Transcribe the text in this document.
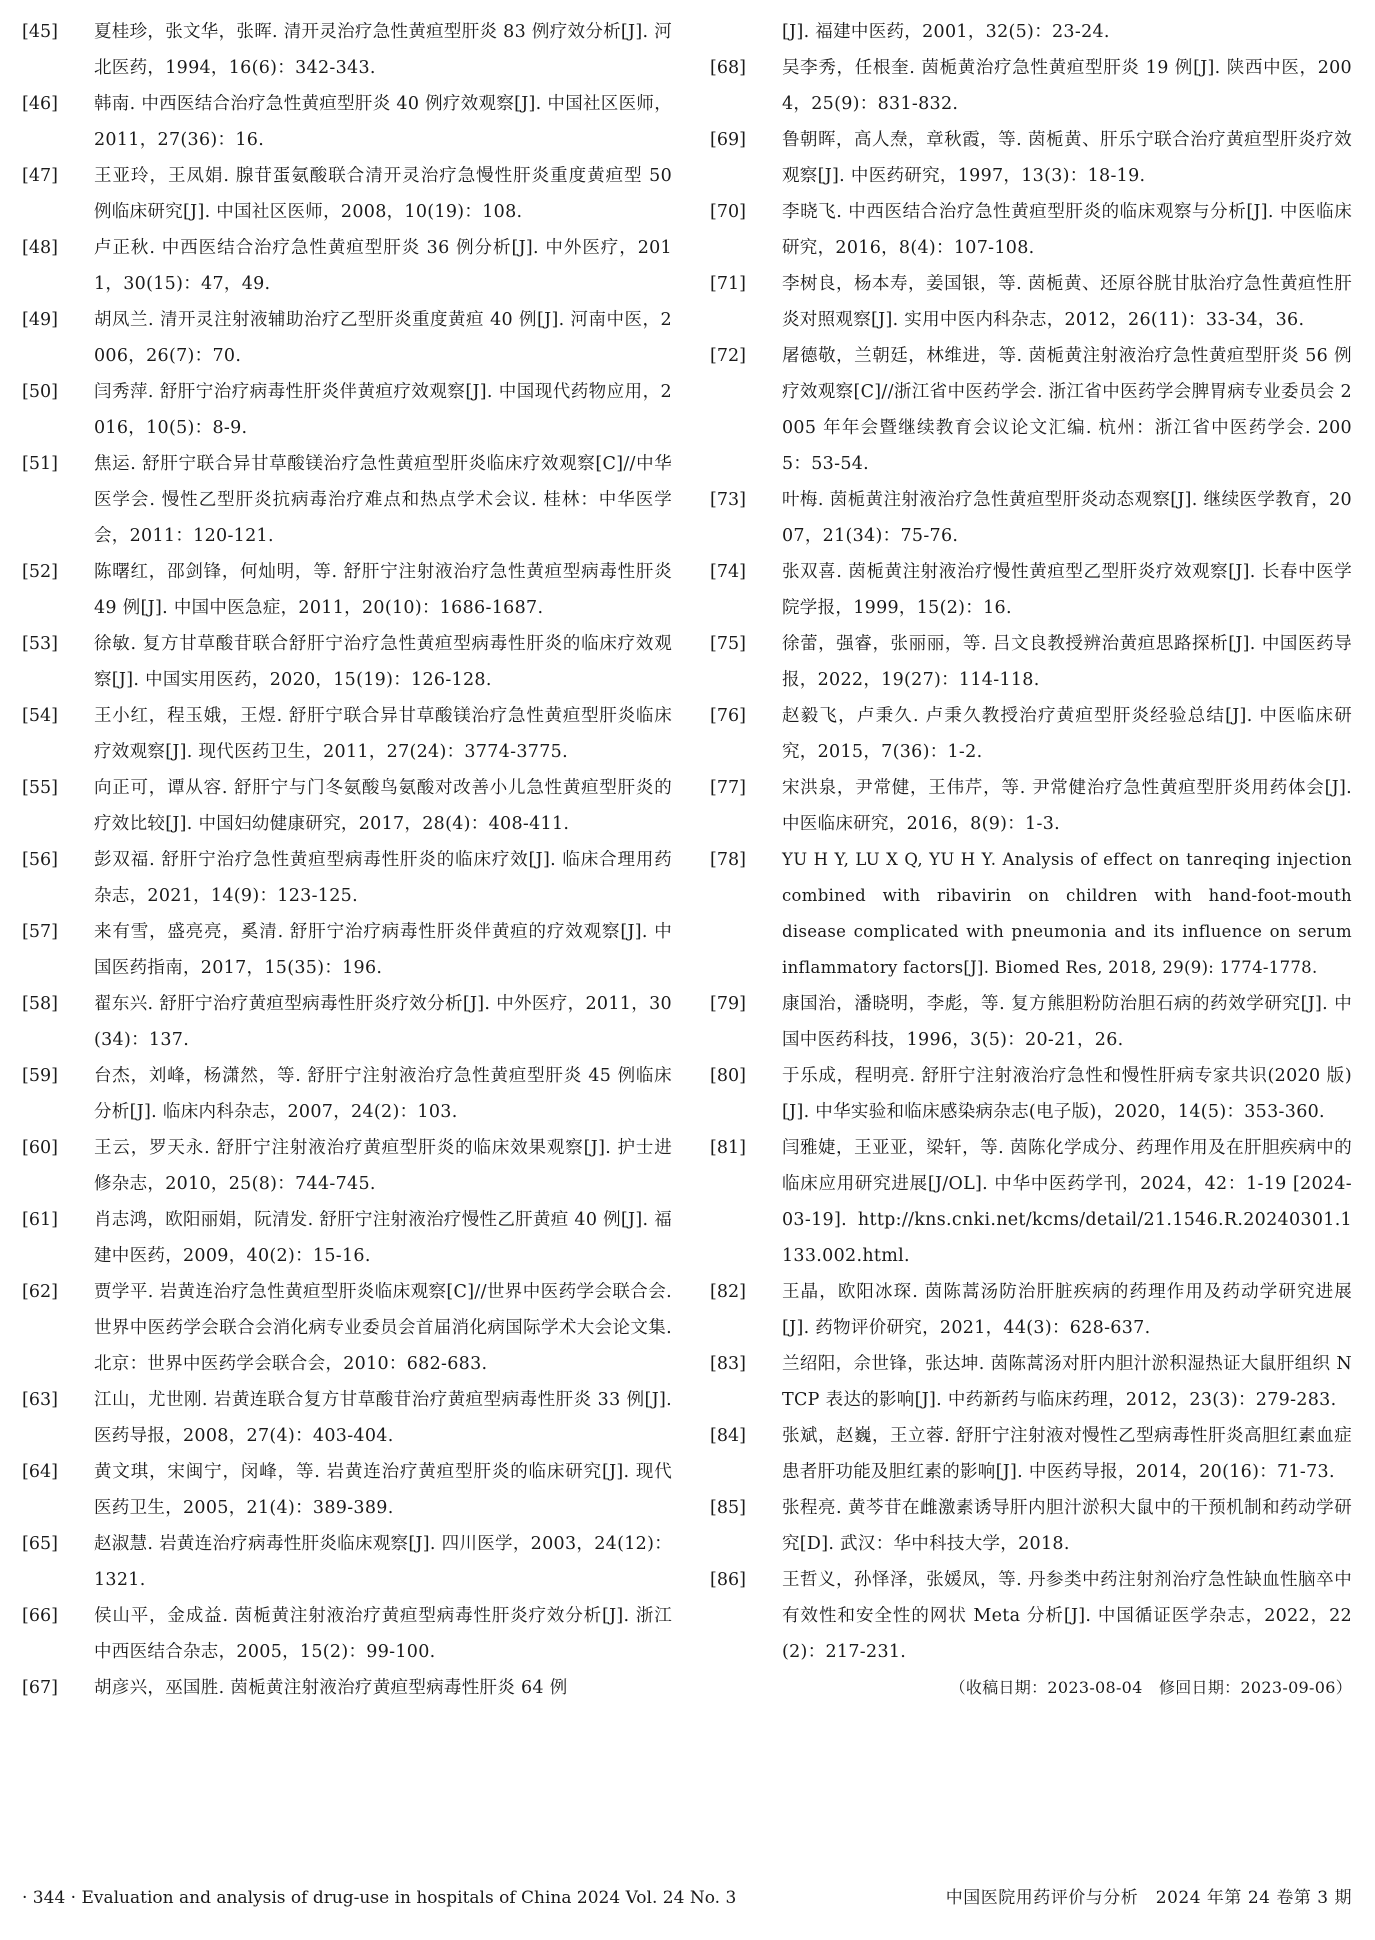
[45]	夏桂珍，张文华，张晖. 清开灵治疗急性黄疸型肝炎 83 例疗效分析[J]. 河北医药，1994，16(6)：342-343.
[46]	韩南. 中西医结合治疗急性黄疸型肝炎 40 例疗效观察[J]. 中国社区医师，2011，27(36)：16.
[47]	王亚玲，王凤娟. 腺苷蛋氨酸联合清开灵治疗急慢性肝炎重度黄疸型 50 例临床研究[J]. 中国社区医师，2008，10(19)：108.
[48]	卢正秋. 中西医结合治疗急性黄疸型肝炎 36 例分析[J]. 中外医疗，2011，30(15)：47，49.
[49]	胡凤兰. 清开灵注射液辅助治疗乙型肝炎重度黄疸 40 例[J]. 河南中医，2006，26(7)：70.
[50]	闫秀萍. 舒肝宁治疗病毒性肝炎伴黄疸疗效观察[J]. 中国现代药物应用，2016，10(5)：8-9.
[51]	焦运. 舒肝宁联合异甘草酸镁治疗急性黄疸型肝炎临床疗效观察[C]//中华医学会. 慢性乙型肝炎抗病毒治疗难点和热点学术会议. 桂林：中华医学会，2011：120-121.
[52]	陈曙红，邵剑锋，何灿明，等. 舒肝宁注射液治疗急性黄疸型病毒性肝炎 49 例[J]. 中国中医急症，2011，20(10)：1686-1687.
[53]	徐敏. 复方甘草酸苷联合舒肝宁治疗急性黄疸型病毒性肝炎的临床疗效观察[J]. 中国实用医药，2020，15(19)：126-128.
[54]	王小红，程玉娥，王煜. 舒肝宁联合异甘草酸镁治疗急性黄疸型肝炎临床疗效观察[J]. 现代医药卫生，2011，27(24)：3774-3775.
[55]	向正可，谭从容. 舒肝宁与门冬氨酸鸟氨酸对改善小儿急性黄疸型肝炎的疗效比较[J]. 中国妇幼健康研究，2017，28(4)：408-411.
[56]	彭双福. 舒肝宁治疗急性黄疸型病毒性肝炎的临床疗效[J]. 临床合理用药杂志，2021，14(9)：123-125.
[57]	来有雪，盛亮亮，奚清. 舒肝宁治疗病毒性肝炎伴黄疸的疗效观察[J]. 中国医药指南，2017，15(35)：196.
[58]	翟东兴. 舒肝宁治疗黄疸型病毒性肝炎疗效分析[J]. 中外医疗，2011，30(34)：137.
[59]	台杰，刘峰，杨潇然，等. 舒肝宁注射液治疗急性黄疸型肝炎 45 例临床分析[J]. 临床内科杂志，2007，24(2)：103.
[60]	王云，罗天永. 舒肝宁注射液治疗黄疸型肝炎的临床效果观察[J]. 护士进修杂志，2010，25(8)：744-745.
[61]	肖志鸿，欧阳丽娟，阮清发. 舒肝宁注射液治疗慢性乙肝黄疸 40 例[J]. 福建中医药，2009，40(2)：15-16.
[62]	贾学平. 岩黄连治疗急性黄疸型肝炎临床观察[C]//世界中医药学会联合会. 世界中医药学会联合会消化病专业委员会首届消化病国际学术大会论文集. 北京：世界中医药学会联合会，2010：682-683.
[63]	江山，尤世刚. 岩黄连联合复方甘草酸苷治疗黄疸型病毒性肝炎 33 例[J]. 医药导报，2008，27(4)：403-404.
[64]	黄文琪，宋闽宁，闵峰，等. 岩黄连治疗黄疸型肝炎的临床研究[J]. 现代医药卫生，2005，21(4)：389-389.
[65]	赵淑慧. 岩黄连治疗病毒性肝炎临床观察[J]. 四川医学，2003，24(12)：1321.
[66]	侯山平，金成益. 茵栀黄注射液治疗黄疸型病毒性肝炎疗效分析[J]. 浙江中西医结合杂志，2005，15(2)：99-100.
[67]	胡彦兴，巫国胜. 茵栀黄注射液治疗黄疸型病毒性肝炎 64 例
[J]. 福建中医药，2001，32(5)：23-24.
[68]	吴李秀，任根奎. 茵栀黄治疗急性黄疸型肝炎 19 例[J]. 陕西中医，2004，25(9)：831-832.
[69]	鲁朝晖，高人焘，章秋霞，等. 茵栀黄、肝乐宁联合治疗黄疸型肝炎疗效观察[J]. 中医药研究，1997，13(3)：18-19.
[70]	李晓飞. 中西医结合治疗急性黄疸型肝炎的临床观察与分析[J]. 中医临床研究，2016，8(4)：107-108.
[71]	李树良，杨本寿，姜国银，等. 茵栀黄、还原谷胱甘肽治疗急性黄疸性肝炎对照观察[J]. 实用中医内科杂志，2012，26(11)：33-34，36.
[72]	屠德敬，兰朝廷，林维进，等. 茵栀黄注射液治疗急性黄疸型肝炎 56 例疗效观察[C]//浙江省中医药学会. 浙江省中医药学会脾胃病专业委员会 2005 年年会暨继续教育会议论文汇编. 杭州：浙江省中医药学会. 2005：53-54.
[73]	叶梅. 茵栀黄注射液治疗急性黄疸型肝炎动态观察[J]. 继续医学教育，2007，21(34)：75-76.
[74]	张双喜. 茵栀黄注射液治疗慢性黄疸型乙型肝炎疗效观察[J]. 长春中医学院学报，1999，15(2)：16.
[75]	徐蕾，强睿，张丽丽，等. 吕文良教授辨治黄疸思路探析[J]. 中国医药导报，2022，19(27)：114-118.
[76]	赵毅飞，卢秉久. 卢秉久教授治疗黄疸型肝炎经验总结[J]. 中医临床研究，2015，7(36)：1-2.
[77]	宋洪泉，尹常健，王伟芹，等. 尹常健治疗急性黄疸型肝炎用药体会[J]. 中医临床研究，2016，8(9)：1-3.
[78]	YU H Y, LU X Q, YU H Y. Analysis of effect on tanreqing injection combined with ribavirin on children with hand-foot-mouth disease complicated with pneumonia and its influence on serum inflammatory factors[J]. Biomed Res, 2018, 29(9): 1774-1778.
[79]	康国治，潘晓明，李彪，等. 复方熊胆粉防治胆石病的药效学研究[J]. 中国中医药科技，1996，3(5)：20-21，26.
[80]	于乐成，程明亮. 舒肝宁注射液治疗急性和慢性肝病专家共识(2020 版)[J]. 中华实验和临床感染病杂志(电子版)，2020，14(5)：353-360.
[81]	闫雅婕，王亚亚，梁轩，等. 茵陈化学成分、药理作用及在肝胆疾病中的临床应用研究进展[J/OL]. 中华中医药学刊，2024，42：1-19 [2024-03-19]. http://kns.cnki.net/kcms/detail/21.1546.R.20240301.1133.002.html.
[82]	王晶，欧阳冰琛. 茵陈蒿汤防治肝脏疾病的药理作用及药动学研究进展[J]. 药物评价研究，2021，44(3)：628-637.
[83]	兰绍阳，佘世锋，张达坤. 茵陈蒿汤对肝内胆汁淤积湿热证大鼠肝组织 NTCP 表达的影响[J]. 中药新药与临床药理，2012，23(3)：279-283.
[84]	张斌，赵巍，王立蓉. 舒肝宁注射液对慢性乙型病毒性肝炎高胆红素血症患者肝功能及胆红素的影响[J]. 中医药导报，2014，20(16)：71-73.
[85]	张程亮. 黄芩苷在雌激素诱导肝内胆汁淤积大鼠中的干预机制和药动学研究[D]. 武汉：华中科技大学，2018.
[86]	王哲义，孙怿泽，张媛凤，等. 丹参类中药注射剂治疗急性缺血性脑卒中有效性和安全性的网状 Meta 分析[J]. 中国循证医学杂志，2022，22(2)：217-231.
（收稿日期：2023-08-04　修回日期：2023-09-06）
· 344 · Evaluation and analysis of drug-use in hospitals of China 2024 Vol. 24 No. 3	中国医院用药评价与分析　2024 年第 24 卷第 3 期
